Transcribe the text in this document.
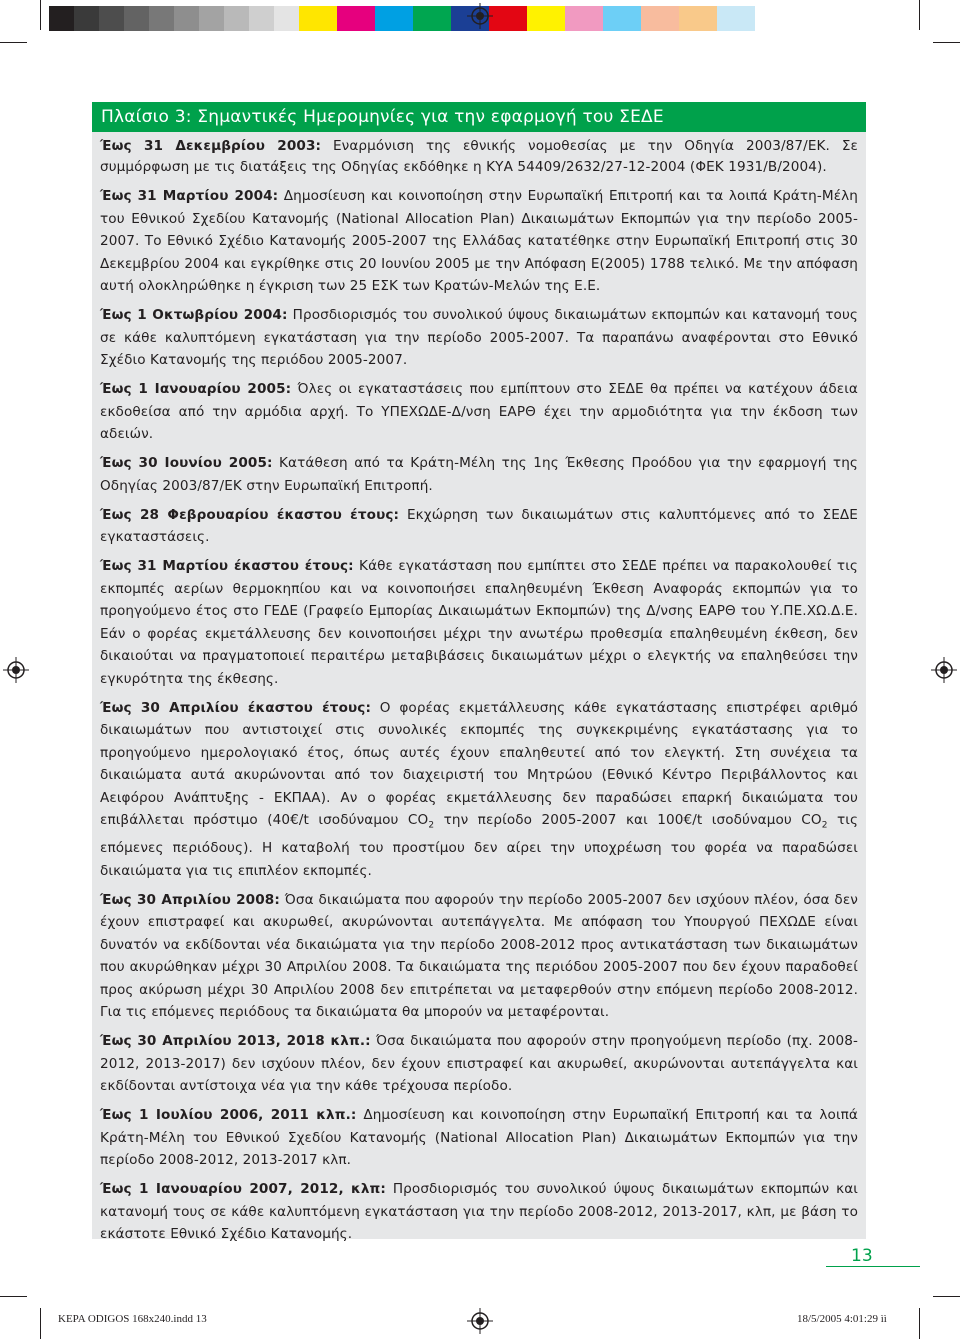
Πλαίσιο 3: Σημαντικές Ημερομηνίες για την εφαρμογή του ΣΕΔΕ

Έως 31 Δεκεμβρίου 2003: Εναρμόνιση της εθνικής νομοθεσίας με την Οδηγία 2003/87/ΕΚ. Σε συμμόρφωση με τις διατάξεις της Οδηγίας εκδόθηκε η ΚΥΑ 54409/2632/27-12-2004 (ΦΕΚ 1931/Β/2004).

Έως 31 Μαρτίου 2004: Δημοσίευση και κοινοποίηση στην Ευρωπαϊκή Επιτροπή και τα λοιπά Κράτη-Μέλη του Εθνικού Σχεδίου Κατανομής (National Allocation Plan) Δικαιωμάτων Εκπομπών για την περίοδο 2005-2007. Το Εθνικό Σχέδιο Κατανομής 2005-2007 της Ελλάδας κατατέθηκε στην Ευρωπαϊκή Επιτροπή στις 30 Δεκεμβρίου 2004 και εγκρίθηκε στις 20 Ιουνίου 2005 με την Απόφαση Ε(2005) 1788 τελικό. Με την απόφαση αυτή ολοκληρώθηκε η έγκριση των 25 ΕΣΚ των Κρατών-Μελών της Ε.Ε.

Έως 1 Οκτωβρίου 2004: Προσδιορισμός του συνολικού ύψους δικαιωμάτων εκπομπών και κατανομή τους σε κάθε καλυπτόμενη εγκατάσταση για την περίοδο 2005-2007. Τα παραπάνω αναφέρονται στο Εθνικό Σχέδιο Κατανομής της περιόδου 2005-2007.

Έως 1 Ιανουαρίου 2005: Όλες οι εγκαταστάσεις που εμπίπτουν στο ΣΕΔΕ θα πρέπει να κατέχουν άδεια εκδοθείσα από την αρμόδια αρχή. Το ΥΠΕΧΩΔΕ-Δ/νση ΕΑΡΘ έχει την αρμοδιότητα για την έκδοση των αδειών.

Έως 30 Ιουνίου 2005: Κατάθεση από τα Κράτη-Μέλη της 1ης Έκθεσης Προόδου για την εφαρμογή της Οδηγίας 2003/87/ΕΚ στην Ευρωπαϊκή Επιτροπή.

Έως 28 Φεβρουαρίου έκαστου έτους: Εκχώρηση των δικαιωμάτων στις καλυπτόμενες από το ΣΕΔΕ εγκαταστάσεις.

Έως 31 Μαρτίου έκαστου έτους: Κάθε εγκατάσταση που εμπίπτει στο ΣΕΔΕ πρέπει να παρακολουθεί τις εκπομπές αερίων θερμοκηπίου και να κοινοποιήσει επαληθευμένη Έκθεση Αναφοράς εκπομπών για το προηγούμενο έτος στο ΓΕΔΕ (Γραφείο Εμπορίας Δικαιωμάτων Εκπομπών) της Δ/νσης ΕΑΡΘ του Υ.ΠΕ.ΧΩ.Δ.Ε. Εάν ο φορέας εκμετάλλευσης δεν κοινοποιήσει μέχρι την ανωτέρω προθεσμία επαληθευμένη έκθεση, δεν δικαιούται να πραγματοποιεί περαιτέρω μεταβιβάσεις δικαιωμάτων μέχρι ο ελεγκτής να επαληθεύσει την εγκυρότητα της έκθεσης.

Έως 30 Απριλίου έκαστου έτους: Ο φορέας εκμετάλλευσης κάθε εγκατάστασης επιστρέφει αριθμό δικαιωμάτων που αντιστοιχεί στις συνολικές εκπομπές της συγκεκριμένης εγκατάστασης για το προηγούμενο ημερολογιακό έτος, όπως αυτές έχουν επαληθευτεί από τον ελεγκτή. Στη συνέχεια τα δικαιώματα αυτά ακυρώνονται από τον διαχειριστή του Μητρώου (Εθνικό Κέντρο Περιβάλλοντος και Αειφόρου Ανάπτυξης - ΕΚΠΑΑ). Αν ο φορέας εκμετάλλευσης δεν παραδώσει επαρκή δικαιώματα του επιβάλλεται πρόστιμο (40€/t ισοδύναμου $CO_2$ την περίοδο 2005-2007 και 100€/t ισοδύναμου $CO_2$ τις επόμενες περιόδους). Η καταβολή του προστίμου δεν αίρει την υποχρέωση του φορέα να παραδώσει δικαιώματα για τις επιπλέον εκπομπές.

Έως 30 Απριλίου 2008: Όσα δικαιώματα που αφορούν την περίοδο 2005-2007 δεν ισχύουν πλέον, όσα δεν έχουν επιστραφεί και ακυρωθεί, ακυρώνονται αυτεπάγγελτα. Με απόφαση του Υπουργού ΠΕΧΩΔΕ είναι δυνατόν να εκδίδονται νέα δικαιώματα για την περίοδο 2008-2012 προς αντικατάσταση των δικαιωμάτων που ακυρώθηκαν μέχρι 30 Απριλίου 2008. Τα δικαιώματα της περιόδου 2005-2007 που δεν έχουν παραδοθεί προς ακύρωση μέχρι 30 Απριλίου 2008 δεν επιτρέπεται να μεταφερθούν στην επόμενη περίοδο 2008-2012. Για τις επόμενες περιόδους τα δικαιώματα θα μπορούν να μεταφέρονται.

Έως 30 Απριλίου 2013, 2018 κλπ.: Όσα δικαιώματα που αφορούν στην προηγούμενη περίοδο (πχ. 2008-2012, 2013-2017) δεν ισχύουν πλέον, δεν έχουν επιστραφεί και ακυρωθεί, ακυρώνονται αυτεπάγγελτα και εκδίδονται αντίστοιχα νέα για την κάθε τρέχουσα περίοδο.

Έως 1 Ιουλίου 2006, 2011 κλπ.: Δημοσίευση και κοινοποίηση στην Ευρωπαϊκή Επιτροπή και τα λοιπά Κράτη-Μέλη του Εθνικού Σχεδίου Κατανομής (National Allocation Plan) Δικαιωμάτων Εκπομπών για την περίοδο 2008-2012, 2013-2017 κλπ.

Έως 1 Ιανουαρίου 2007, 2012, κλπ: Προσδιορισμός του συνολικού ύψους δικαιωμάτων εκπομπών και κατανομή τους σε κάθε καλυπτόμενη εγκατάσταση για την περίοδο 2008-2012, 2013-2017, κλπ, με βάση το εκάστοτε Εθνικό Σχέδιο Κατανομής.

13
KEPA ODIGOS 168x240.indd 13	18/5/2005 4:01:29 ìì
